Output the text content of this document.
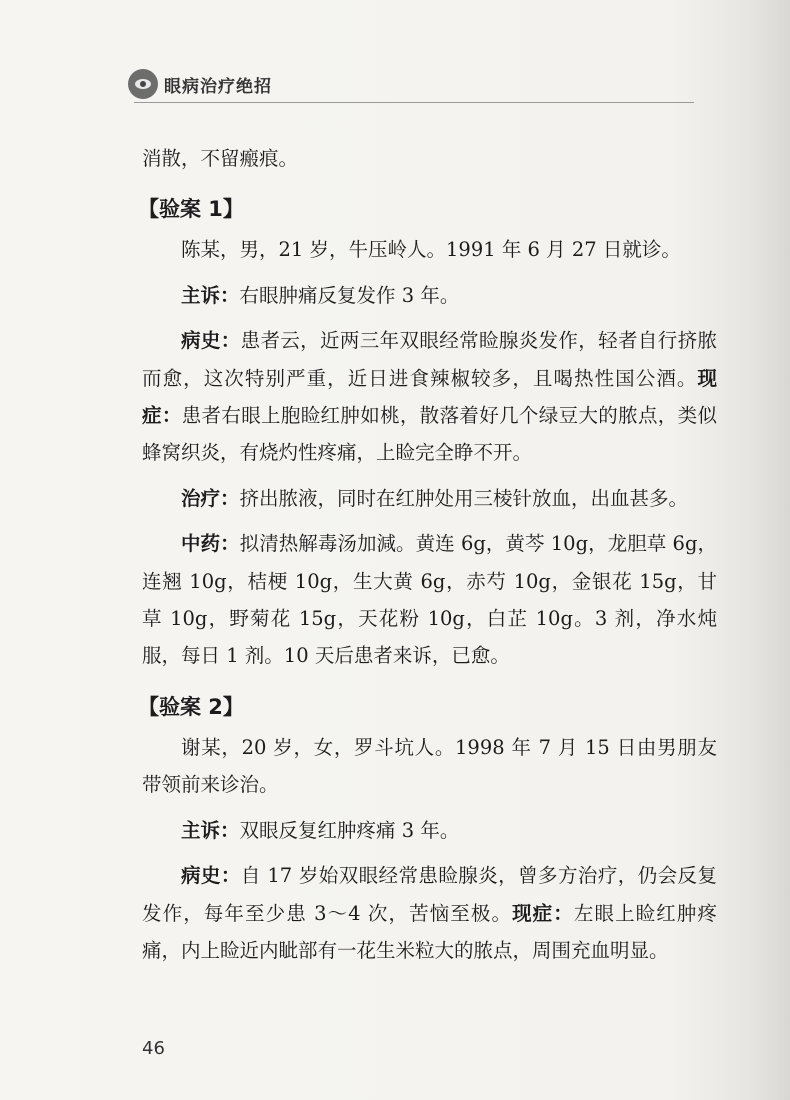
眼病治疗绝招

消散，不留瘢痕。

【验案 1】

陈某，男，21 岁，牛压岭人。1991 年 6 月 27 日就诊。

主诉：右眼肿痛反复发作 3 年。

病史：患者云，近两三年双眼经常睑腺炎发作，轻者自行挤脓而愈，这次特别严重，近日进食辣椒较多，且喝热性国公酒。现症：患者右眼上胞睑红肿如桃，散落着好几个绿豆大的脓点，类似蜂窝织炎，有烧灼性疼痛，上睑完全睁不开。

治疗：挤出脓液，同时在红肿处用三棱针放血，出血甚多。

中药：拟清热解毒汤加減。黄连 6g，黄芩 10g，龙胆草 6g，连翘 10g，桔梗 10g，生大黄 6g，赤芍 10g，金银花 15g，甘草 10g，野菊花 15g，天花粉 10g，白芷 10g。3 剂，净水炖服，每日 1 剂。10 天后患者来诉，已愈。

【验案 2】

谢某，20 岁，女，罗斗坑人。1998 年 7 月 15 日由男朋友带领前来诊治。

主诉：双眼反复红肿疼痛 3 年。

病史：自 17 岁始双眼经常患睑腺炎，曾多方治疗，仍会反复发作，每年至少患 3～4 次，苦恼至极。现症：左眼上睑红肿疼痛，内上睑近内眦部有一花生米粒大的脓点，周围充血明显。

46
